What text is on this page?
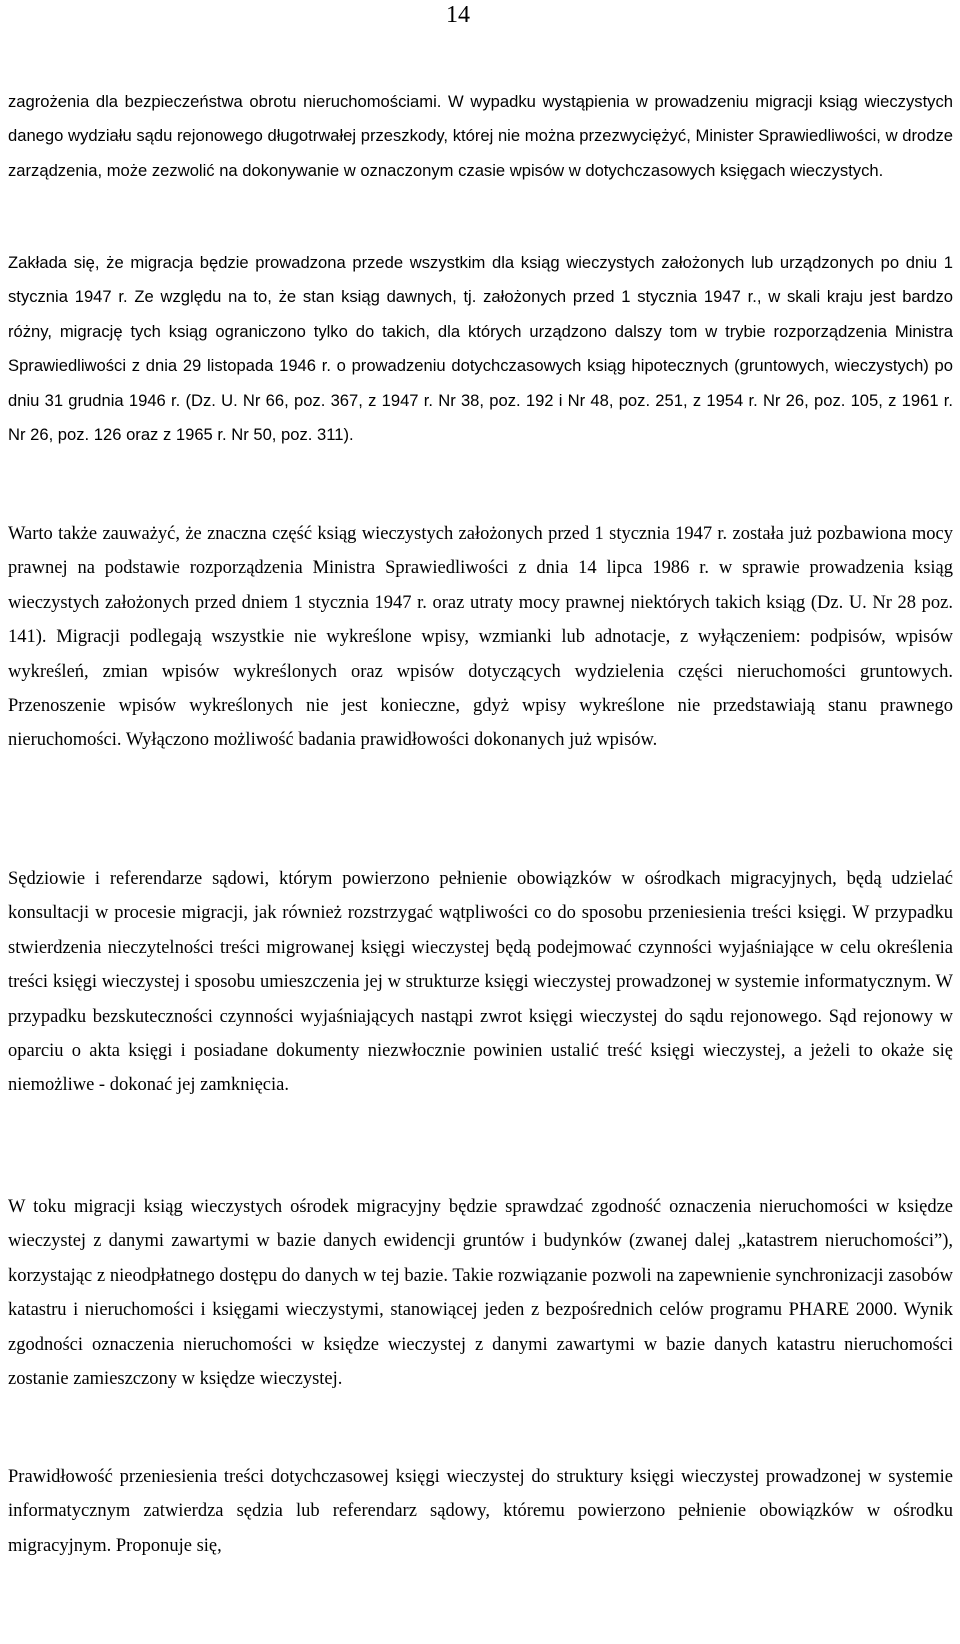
14

zagrożenia dla bezpieczeństwa obrotu nieruchomościami. W wypadku wystąpienia w prowadzeniu migracji ksiąg wieczystych danego wydziału sądu rejonowego długotrwałej przeszkody, której nie można przezwyciężyć, Minister Sprawiedliwości, w drodze zarządzenia, może zezwolić na dokonywanie w oznaczonym czasie wpisów w dotychczasowych księgach wieczystych.

Zakłada się, że migracja będzie prowadzona przede wszystkim dla ksiąg wieczystych założonych lub urządzonych po dniu 1 stycznia 1947 r. Ze względu na to, że stan ksiąg dawnych, tj. założonych przed 1 stycznia 1947 r., w skali kraju jest bardzo różny, migrację tych ksiąg ograniczono tylko do takich, dla których urządzono dalszy tom w trybie rozporządzenia Ministra Sprawiedliwości z dnia 29 listopada 1946 r. o prowadzeniu dotychczasowych ksiąg hipotecznych (gruntowych, wieczystych) po dniu 31 grudnia 1946 r. (Dz. U. Nr 66, poz. 367, z 1947 r. Nr 38, poz. 192 i Nr 48, poz. 251, z 1954 r. Nr 26, poz. 105, z 1961 r. Nr 26, poz. 126 oraz z 1965 r. Nr 50, poz. 311).

Warto także zauważyć, że znaczna część ksiąg wieczystych założonych przed 1 stycznia 1947 r. została już pozbawiona mocy prawnej na podstawie rozporządzenia Ministra Sprawiedliwości z dnia 14 lipca 1986 r. w sprawie prowadzenia ksiąg wieczystych założonych przed dniem 1 stycznia 1947 r. oraz utraty mocy prawnej niektórych takich ksiąg (Dz. U. Nr 28 poz. 141). Migracji podlegają wszystkie nie wykreślone wpisy, wzmianki lub adnotacje, z wyłączeniem: podpisów, wpisów wykreśleń, zmian wpisów wykreślonych oraz wpisów dotyczących wydzielenia części nieruchomości gruntowych. Przenoszenie wpisów wykreślonych nie jest konieczne, gdyż wpisy wykreślone nie przedstawiają stanu prawnego nieruchomości. Wyłączono możliwość badania prawidłowości dokonanych już wpisów.

Sędziowie i referendarze sądowi, którym powierzono pełnienie obowiązków w ośrodkach migracyjnych, będą udzielać konsultacji w procesie migracji, jak również rozstrzygać wątpliwości co do sposobu przeniesienia treści księgi. W przypadku stwierdzenia nieczytelności treści migrowanej księgi wieczystej będą podejmować czynności wyjaśniające w celu określenia treści księgi wieczystej i sposobu umieszczenia jej w strukturze księgi wieczystej prowadzonej w systemie informatycznym. W przypadku bezskuteczności czynności wyjaśniających nastąpi zwrot księgi wieczystej do sądu rejonowego. Sąd rejonowy w oparciu o akta księgi i posiadane dokumenty niezwłocznie powinien ustalić treść księgi wieczystej, a jeżeli to okaże się niemożliwe - dokonać jej zamknięcia.

W toku migracji ksiąg wieczystych ośrodek migracyjny będzie sprawdzać zgodność oznaczenia nieruchomości w księdze wieczystej z danymi zawartymi w bazie danych ewidencji gruntów i budynków (zwanej dalej „katastrem nieruchomości”), korzystając z nieodpłatnego dostępu do danych w tej bazie. Takie rozwiązanie pozwoli na zapewnienie synchronizacji zasobów katastru i nieruchomości i księgami wieczystymi, stanowiącej jeden z bezpośrednich celów programu PHARE 2000. Wynik zgodności oznaczenia nieruchomości w księdze wieczystej z danymi zawartymi w bazie danych katastru nieruchomości zostanie zamieszczony w księdze wieczystej.

Prawidłowość przeniesienia treści dotychczasowej księgi wieczystej do struktury księgi wieczystej prowadzonej w systemie informatycznym zatwierdza sędzia lub referendarz sądowy, któremu powierzono pełnienie obowiązków w ośrodku migracyjnym. Proponuje się,
